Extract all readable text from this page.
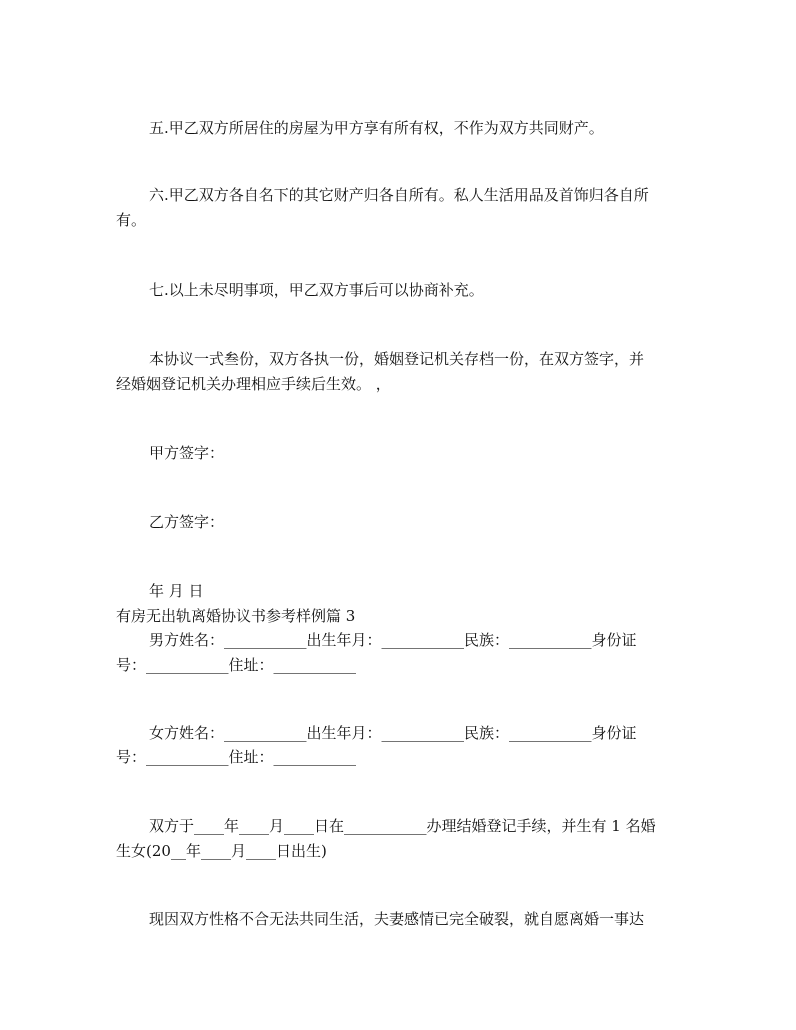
五.甲乙双方所居住的房屋为甲方享有所有权，不作为双方共同财产。
六.甲乙双方各自名下的其它财产归各自所有。私人生活用品及首饰归各自所
有。
七.以上未尽明事项，甲乙双方事后可以协商补充。
本协议一式叁份，双方各执一份，婚姻登记机关存档一份，在双方签字，并
经婚姻登记机关办理相应手续后生效。 ，
甲方签字：
乙方签字：
年 月 日
有房无出轨离婚协议书参考样例篇 3
男方姓名：___________出生年月：___________民族：___________身份证
号：___________住址：___________
女方姓名：___________出生年月：___________民族：___________身份证
号：___________住址：___________
双方于____年____月____日在___________办理结婚登记手续，并生有 1 名婚
生女(20__年____月____日出生)
现因双方性格不合无法共同生活，夫妻感情已完全破裂，就自愿离婚一事达
